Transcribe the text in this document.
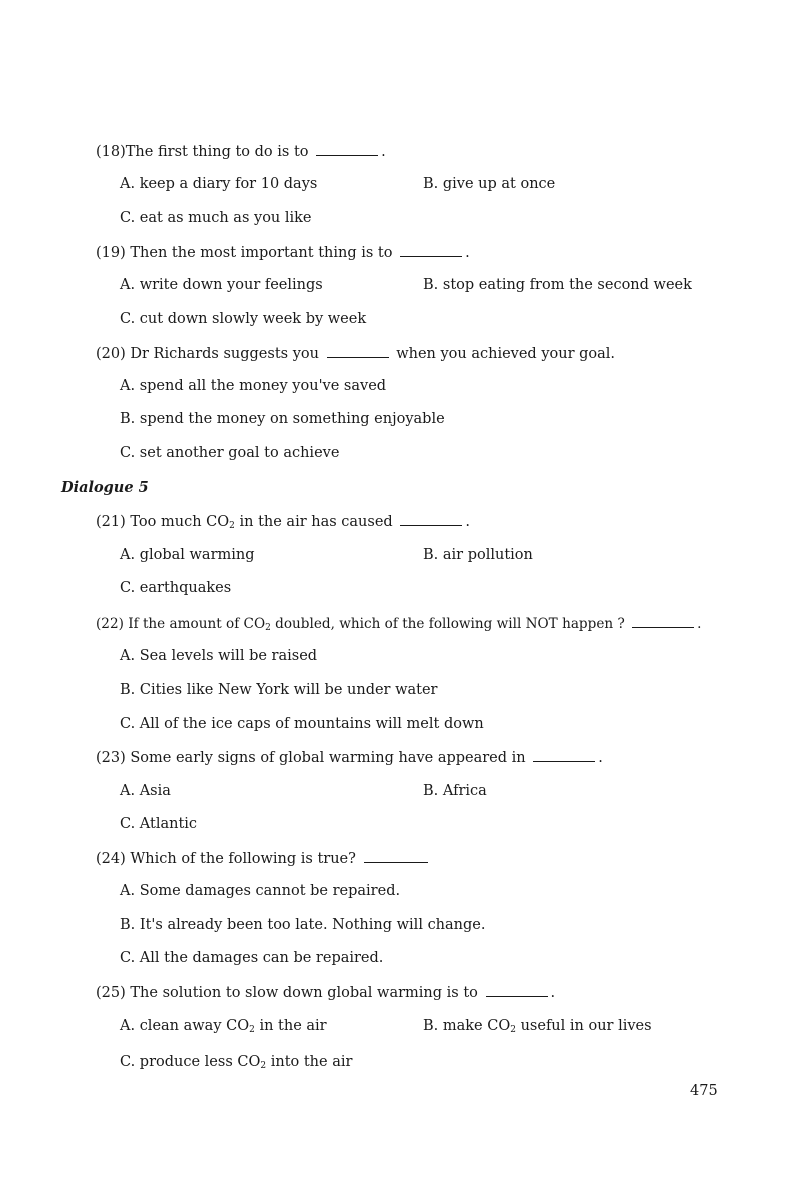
(18)The first thing to do is to	.
A. keep a diary for 10 days	B. give up at once
C. eat as much as you like
(19) Then the most important thing is to	.
A. write down your feelings	B. stop eating from the second week
C. cut down slowly week by week
(20) Dr Richards suggests you	when you achieved your goal.
A. spend all the money you've saved
B. spend the money on something enjoyable
C. set another goal to achieve
Dialogue 5
(21) Too much $CO_2$ in the air has caused	.
A. global warming	B. air pollution
C. earthquakes
(22) If the amount of $CO_2$ doubled, which of the following will NOT happen ?	.
A. Sea levels will be raised
B. Cities like New York will be under water
C. All of the ice caps of mountains will melt down
(23) Some early signs of global warming have appeared in	.
A. Asia	B. Africa
C. Atlantic
(24) Which of the following is true?
A. Some damages cannot be repaired.
B. It's already been too late. Nothing will change.
C. All the damages can be repaired.
(25) The solution to slow down global warming is to	.
A. clean away $CO_2$ in the air	B. make $CO_2$ useful in our lives
C. produce less $CO_2$ into the air
475
